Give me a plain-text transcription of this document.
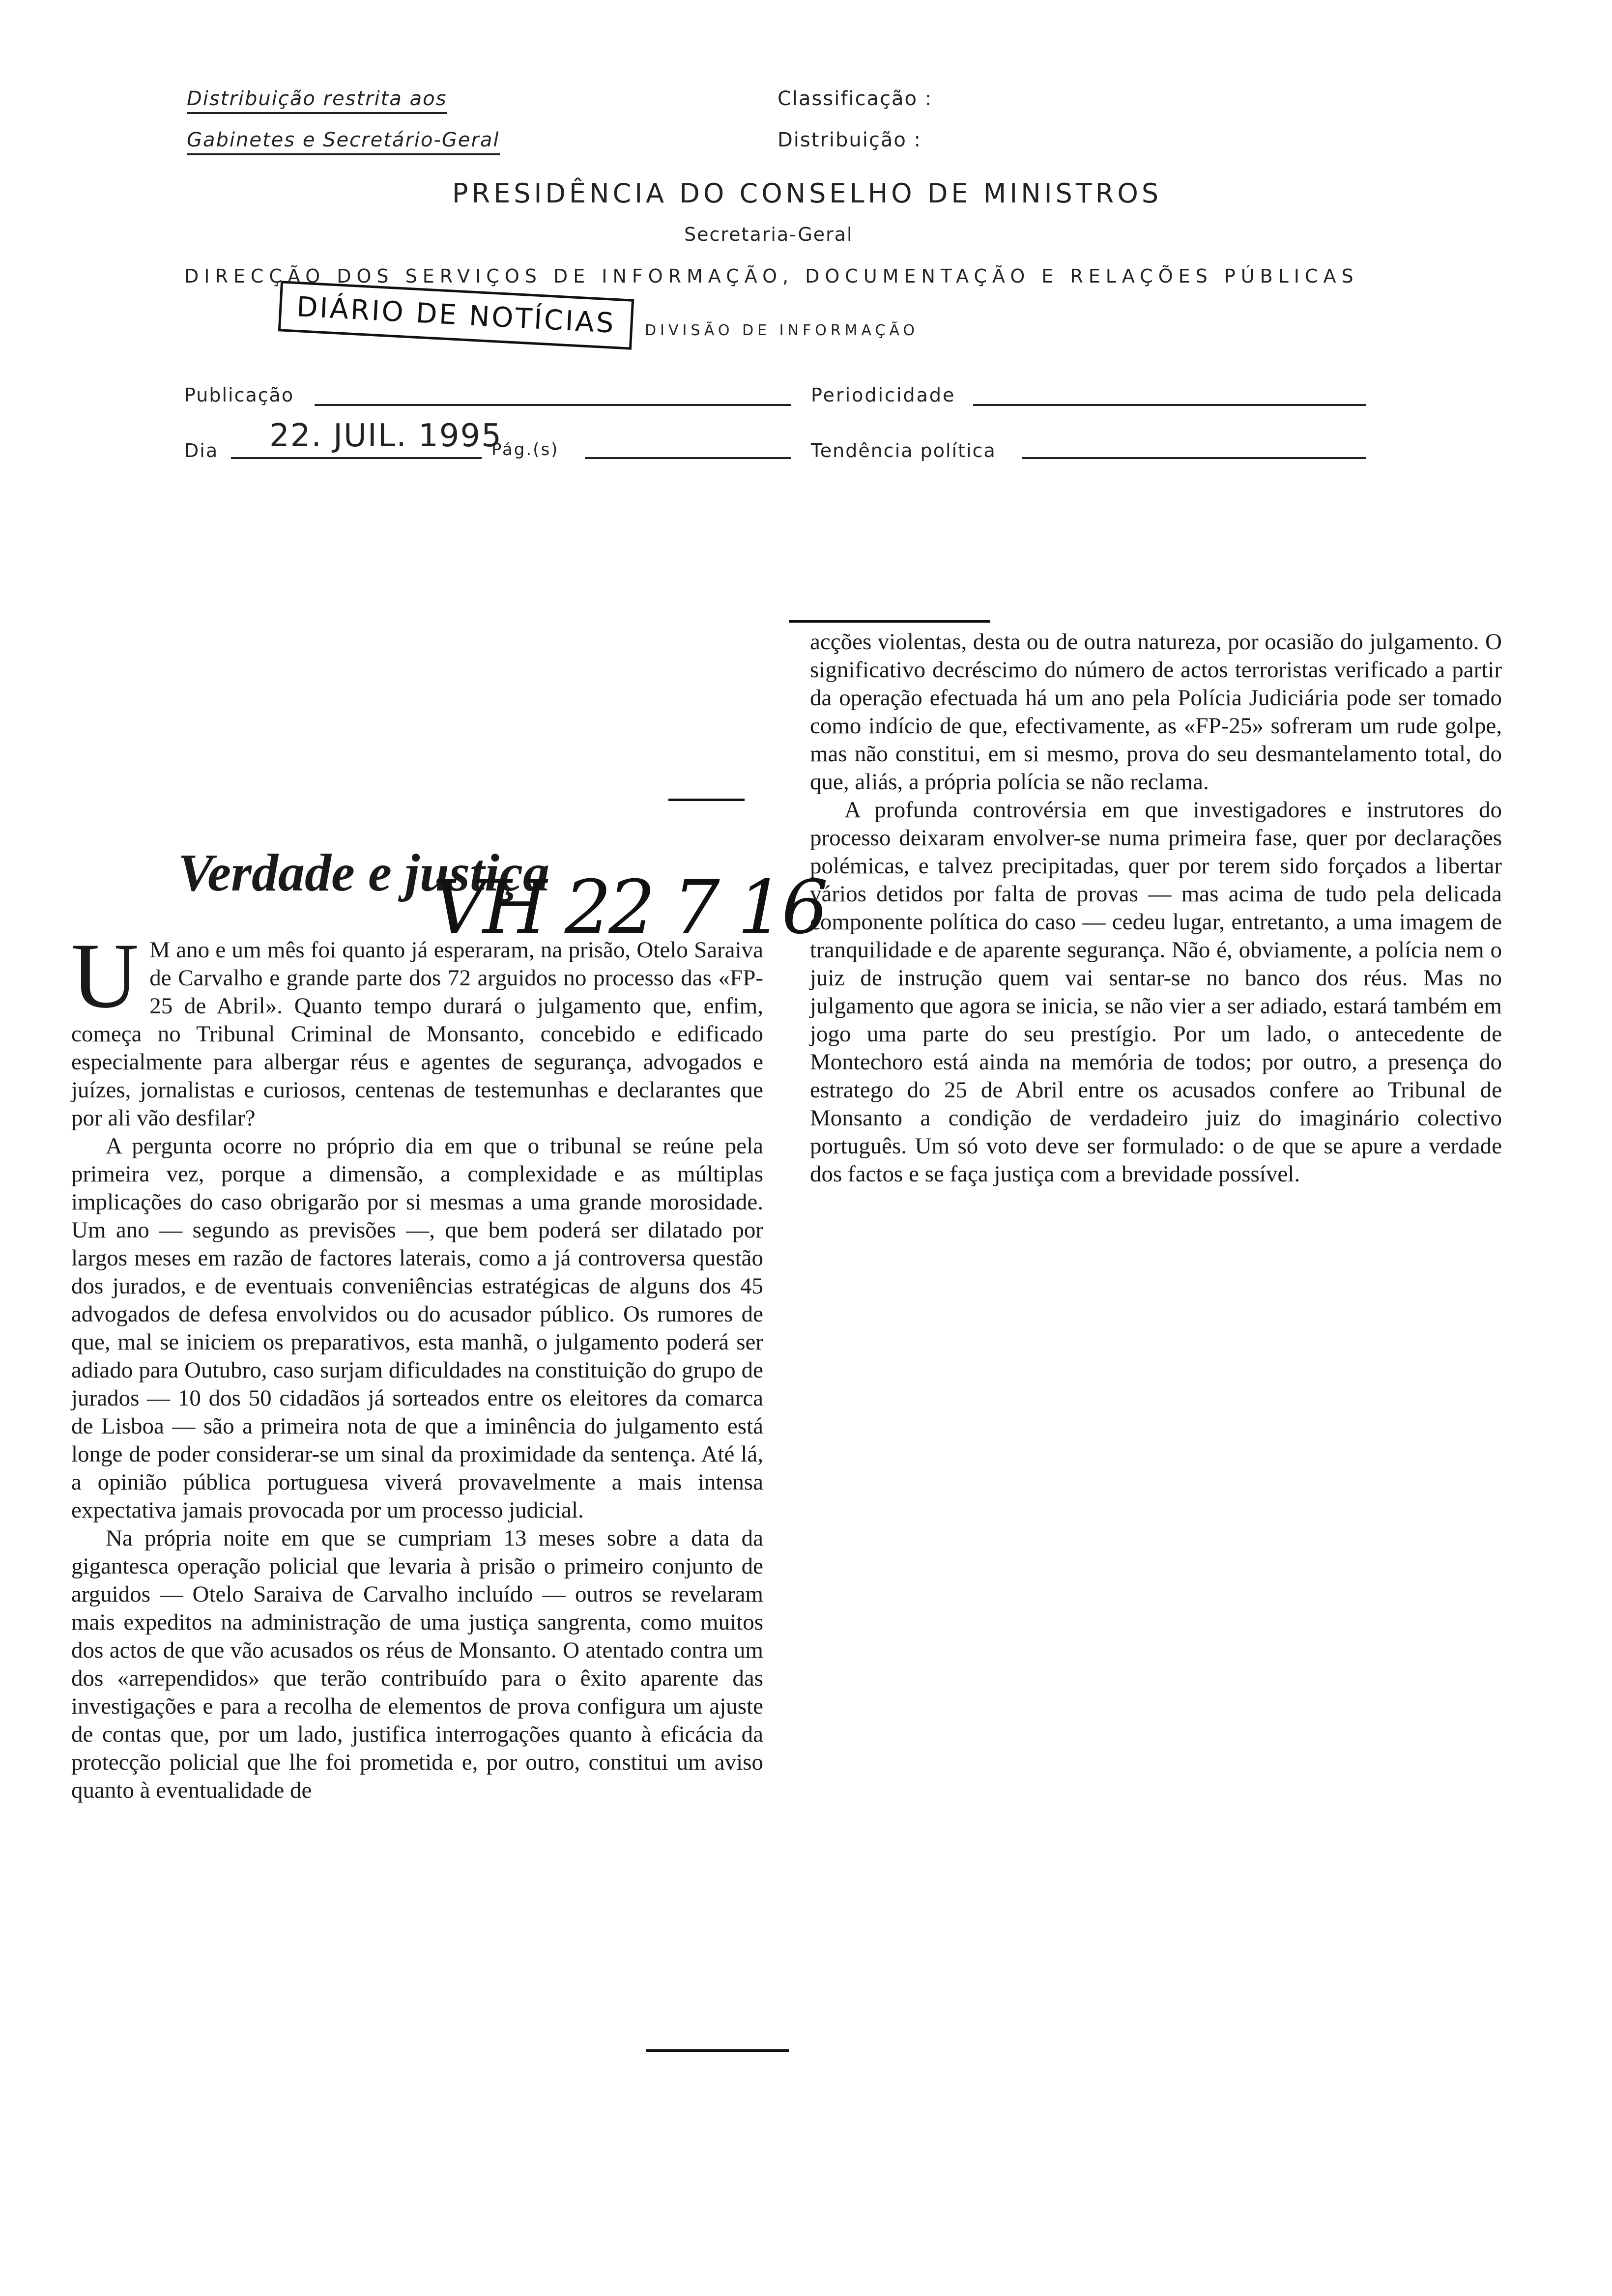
Distribuição restrita aos
Gabinetes e Secretário-Geral
Classificação :
Distribuição :
PRESIDÊNCIA DO CONSELHO DE MINISTROS
Secretaria-Geral
DIRECÇÃO DOS SERVIÇOS DE INFORMAÇÃO, DOCUMENTAÇÃO E RELAÇÕES PÚBLICAS
DIÁRIO DE NOTÍCIAS	DIVISÃO DE INFORMAÇÃO
Publicação	Periodicidade
Dia 22. JUIL. 1995
Pág.(s)	Tendência política
Verdade e justiça
VH 22 7 16

U M ano e um mês foi quanto já esperaram, na prisão, Otelo Saraiva de Carvalho e grande parte dos 72 arguidos no processo das «FP-25 de Abril». Quanto tempo durará o julgamento que, enfim, começa no Tribunal Criminal de Monsanto, concebido e edificado especialmente para albergar réus e agentes de segurança, advogados e juízes, jornalistas e curiosos, centenas de testemunhas e declarantes que por ali vão desfilar?

A pergunta ocorre no próprio dia em que o tribunal se reúne pela primeira vez, porque a dimensão, a complexidade e as múltiplas implicações do caso obrigarão por si mesmas a uma grande morosidade. Um ano — segundo as previsões —, que bem poderá ser dilatado por largos meses em razão de factores laterais, como a já controversa questão dos jurados, e de eventuais conveniências estratégicas de alguns dos 45 advogados de defesa envolvidos ou do acusador público. Os rumores de que, mal se iniciem os preparativos, esta manhã, o julgamento poderá ser adiado para Outubro, caso surjam dificuldades na constituição do grupo de jurados — 10 dos 50 cidadãos já sorteados entre os eleitores da comarca de Lisboa — são a primeira nota de que a iminência do julgamento está longe de poder considerar-se um sinal da proximidade da sentença. Até lá, a opinião pública portuguesa viverá provavelmente a mais intensa expectativa jamais provocada por um processo judicial.

Na própria noite em que se cumpriam 13 meses sobre a data da gigantesca operação policial que levaria à prisão o primeiro conjunto de arguidos — Otelo Saraiva de Carvalho incluído — outros se revelaram mais expeditos na administração de uma justiça sangrenta, como muitos dos actos de que vão acusados os réus de Monsanto. O atentado contra um dos «arrependidos» que terão contribuído para o êxito aparente das investigações e para a recolha de elementos de prova configura um ajuste de contas que, por um lado, justifica interrogações quanto à eficácia da protecção policial que lhe foi prometida e, por outro, constitui um aviso quanto à eventualidade de

acções violentas, desta ou de outra natureza, por ocasião do julgamento. O significativo decréscimo do número de actos terroristas verificado a partir da operação efectuada há um ano pela Polícia Judiciária pode ser tomado como indício de que, efectivamente, as «FP-25» sofreram um rude golpe, mas não constitui, em si mesmo, prova do seu desmantelamento total, do que, aliás, a própria polícia se não reclama.

A profunda controvérsia em que investigadores e instrutores do processo deixaram envolver-se numa primeira fase, quer por declarações polémicas, e talvez precipitadas, quer por terem sido forçados a libertar vários detidos por falta de provas — mas acima de tudo pela delicada componente política do caso — cedeu lugar, entretanto, a uma imagem de tranquilidade e de aparente segurança. Não é, obviamente, a polícia nem o juiz de instrução quem vai sentar-se no banco dos réus. Mas no julgamento que agora se inicia, se não vier a ser adiado, estará também em jogo uma parte do seu prestígio. Por um lado, o antecedente de Montechoro está ainda na memória de todos; por outro, a presença do estratego do 25 de Abril entre os acusados confere ao Tribunal de Monsanto a condição de verdadeiro juiz do imaginário colectivo português. Um só voto deve ser formulado: o de que se apure a verdade dos factos e se faça justiça com a brevidade possível.
